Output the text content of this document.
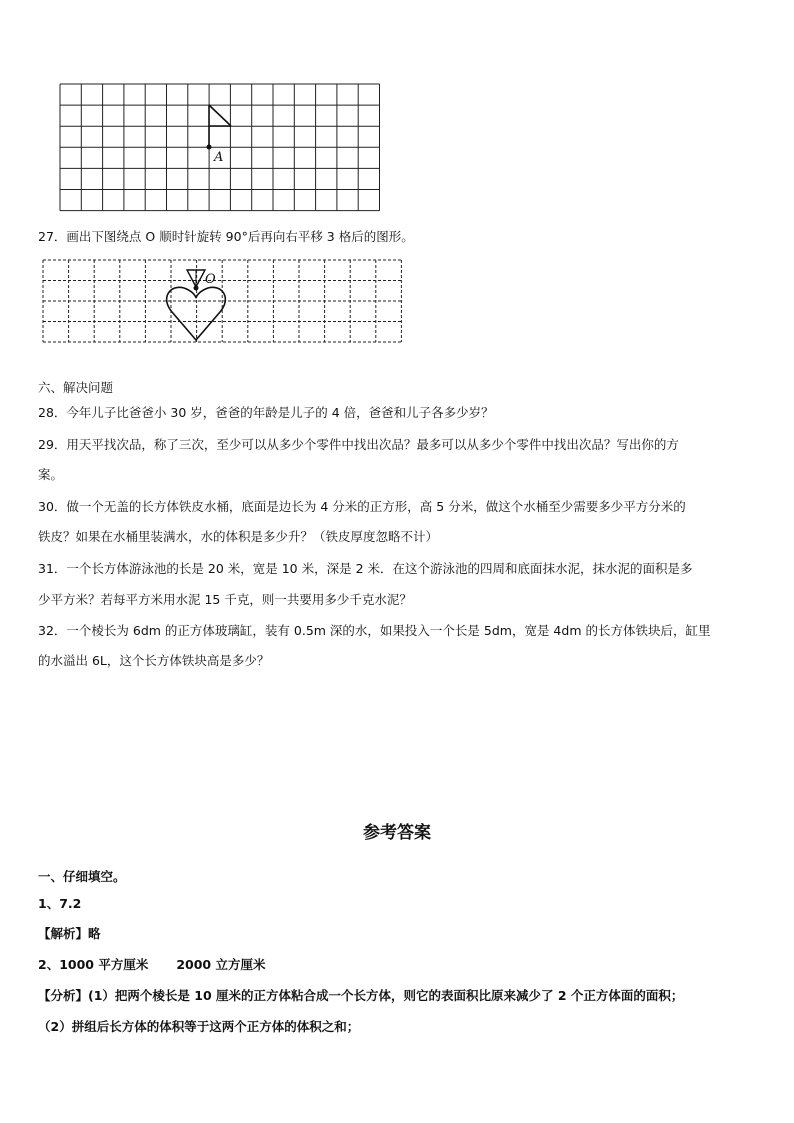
A
27．画出下图绕点 O 顺时针旋转 90°后再向右平移 3 格后的图形。
O
六、解决问题
28．今年儿子比爸爸小 30 岁，爸爸的年龄是儿子的 4 倍，爸爸和儿子各多少岁？
29．用天平找次品，称了三次，至少可以从多少个零件中找出次品？最多可以从多少个零件中找出次品？写出你的方
案。
30．做一个无盖的长方体铁皮水桶，底面是边长为 4 分米的正方形，高 5 分米，做这个水桶至少需要多少平方分米的
铁皮？如果在水桶里装满水，水的体积是多少升？（铁皮厚度忽略不计）
31．一个长方体游泳池的长是 20 米，宽是 10 米，深是 2 米．在这个游泳池的四周和底面抹水泥，抹水泥的面积是多
少平方米？若每平方米用水泥 15 千克，则一共要用多少千克水泥？
32．一个棱长为 6dm 的正方体玻璃缸，装有 0.5m 深的水，如果投入一个长是 5dm，宽是 4dm 的长方体铁块后，缸里
的水溢出 6L，这个长方体铁块高是多少？
参考答案
一、仔细填空。
1、7.2
【解析】略
2、1000 平方厘米 2000 立方厘米
【分析】(1）把两个棱长是 10 厘米的正方体粘合成一个长方体，则它的表面积比原来减少了 2 个正方体面的面积；
（2）拼组后长方体的体积等于这两个正方体的体积之和；
